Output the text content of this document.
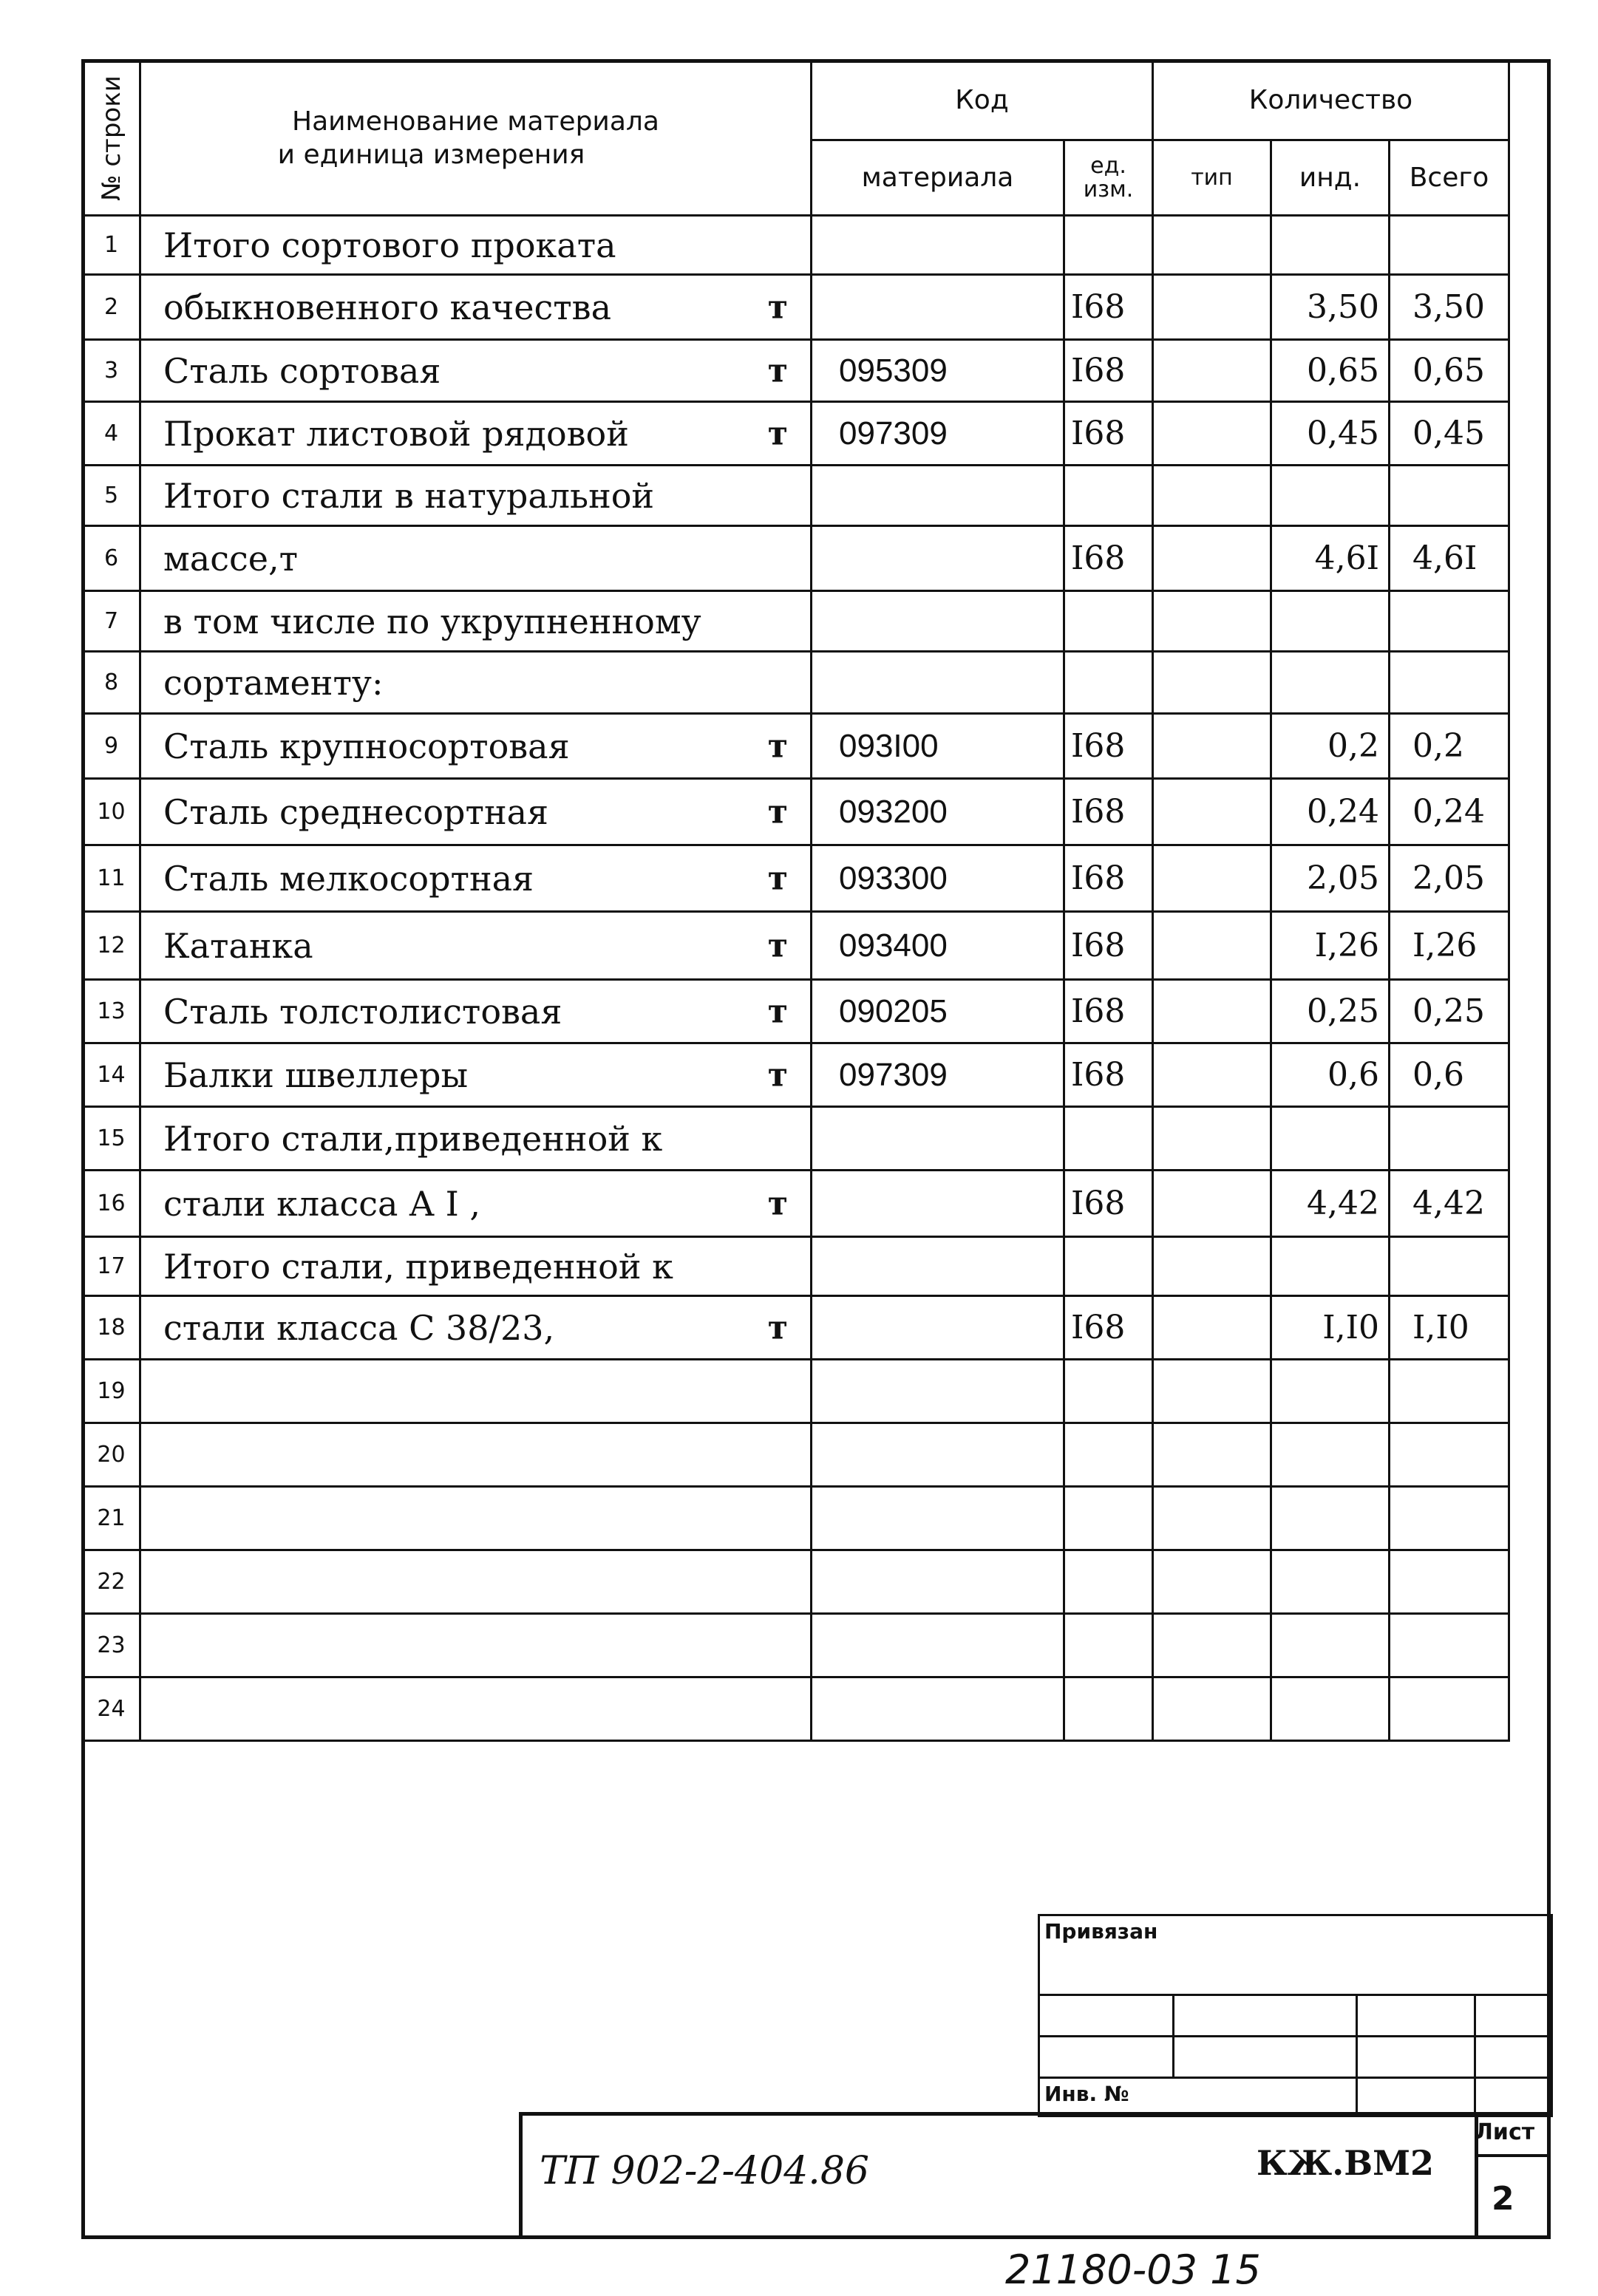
№ строки	Наименование материала
и единица измерения	Код		Количество		
		материала	ед. изм.	тип	инд.	Всего
1	Итого сортового проката

2	обыкновенного качества т		I68		3,50	3,50
3	Сталь сортовая т	095309	I68		0,65	0,65
4	Прокат листовой рядовой т	097309	I68		0,45	0,45
5	Итого стали в натуральной

6	массе,т		I68		4,6I	4,6I
7	в том числе по укрупненному

8	сортаменту:

9	Сталь крупносортовая т	093I00	I68		0,2	0,2
10	Сталь среднесортная т	093200	I68		0,24	0,24
11	Сталь мелкосортная т	093300	I68		2,05	2,05
12	Катанка т	093400	I68		I,26	I,26
13	Сталь толстолистовая т	090205	I68		0,25	0,25
14	Балки швеллеры т	097309	I68		0,6	0,6
15	Итого стали,приведенной к

16	стали класса А I , т		I68		4,42	4,42
17	Итого стали, приведенной к

18	стали класса С 38/23, т		I68		I,I0	I,I0
19	

20	

21	

22	

23	

24	

Привязан			

Инв. №			
ТП 902-2-404.86	КЖ.ВМ2
Лист
2
21180-03 15
